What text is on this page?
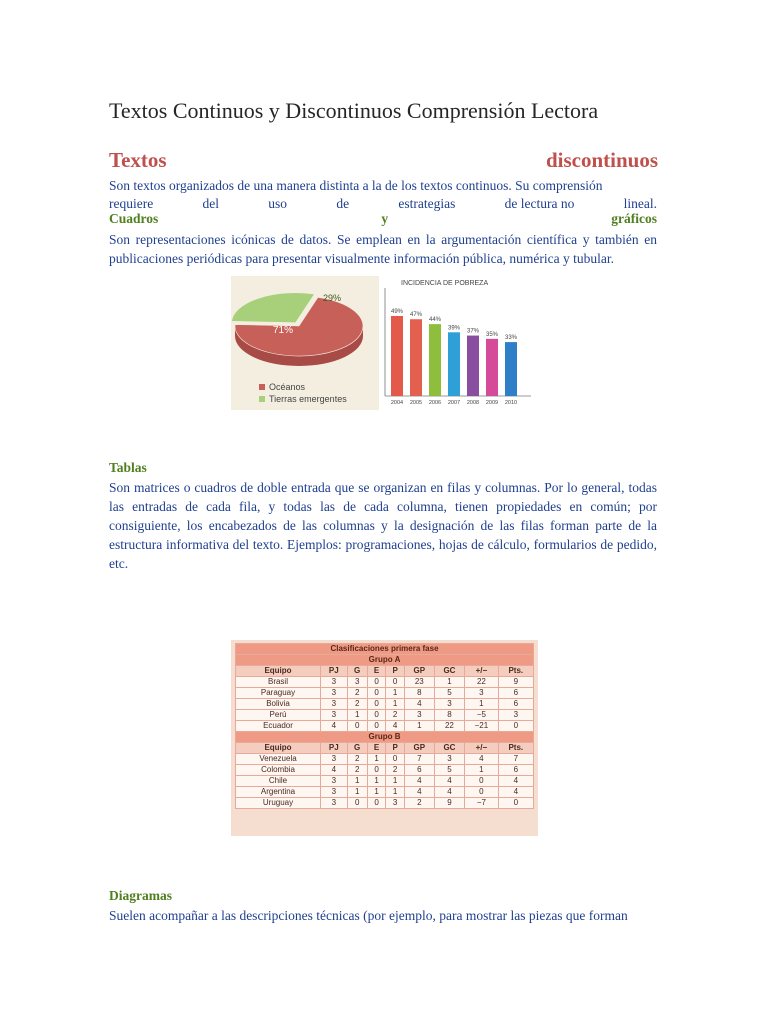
Textos Continuos y Discontinuos Comprensión Lectora
Textos	discontinuos
Son textos organizados de una manera distinta a la de los textos continuos. Su comprensión
requiere	del	uso	de	estrategias	de lectura no	lineal.
Cuadros	y	gráficos
Son representaciones icónicas de datos. Se emplean en la argumentación científica y también en publicaciones periódicas para presentar visualmente información pública, numérica y tubular.
71%
29%
Océanos
Tierras emergentes
INCIDENCIA DE POBREZA
49%
2004
47%
2005
44%
2006
39%
2007
37%
2008
35%
2009
33%
2010
Tablas
Son matrices o cuadros de doble entrada que se organizan en filas y columnas. Por lo general, todas las entradas de cada fila, y todas las de cada columna, tienen propiedades en común; por consiguiente, los encabezados de las columnas y la designación de las filas forman parte de la estructura informativa del texto. Ejemplos: programaciones, hojas de cálculo, formularios de pedido, etc.
Clasificaciones primera fase								
Grupo A								
Equipo	PJ	G	E	P	GP	GC	+/−	Pts.
Brasil	3	3	0	0	23	1	22	9
Paraguay	3	2	0	1	8	5	3	6
Bolivia	3	2	0	1	4	3	1	6
Perú	3	1	0	2	3	8	−5	3
Ecuador	4	0	0	4	1	22	−21	0
Grupo B								
Equipo	PJ	G	E	P	GP	GC	+/−	Pts.
Venezuela	3	2	1	0	7	3	4	7
Colombia	4	2	0	2	6	5	1	6
Chile	3	1	1	1	4	4	0	4
Argentina	3	1	1	1	4	4	0	4
Uruguay	3	0	0	3	2	9	−7	0
Diagramas
Suelen acompañar a las descripciones técnicas (por ejemplo, para mostrar las piezas que forman
